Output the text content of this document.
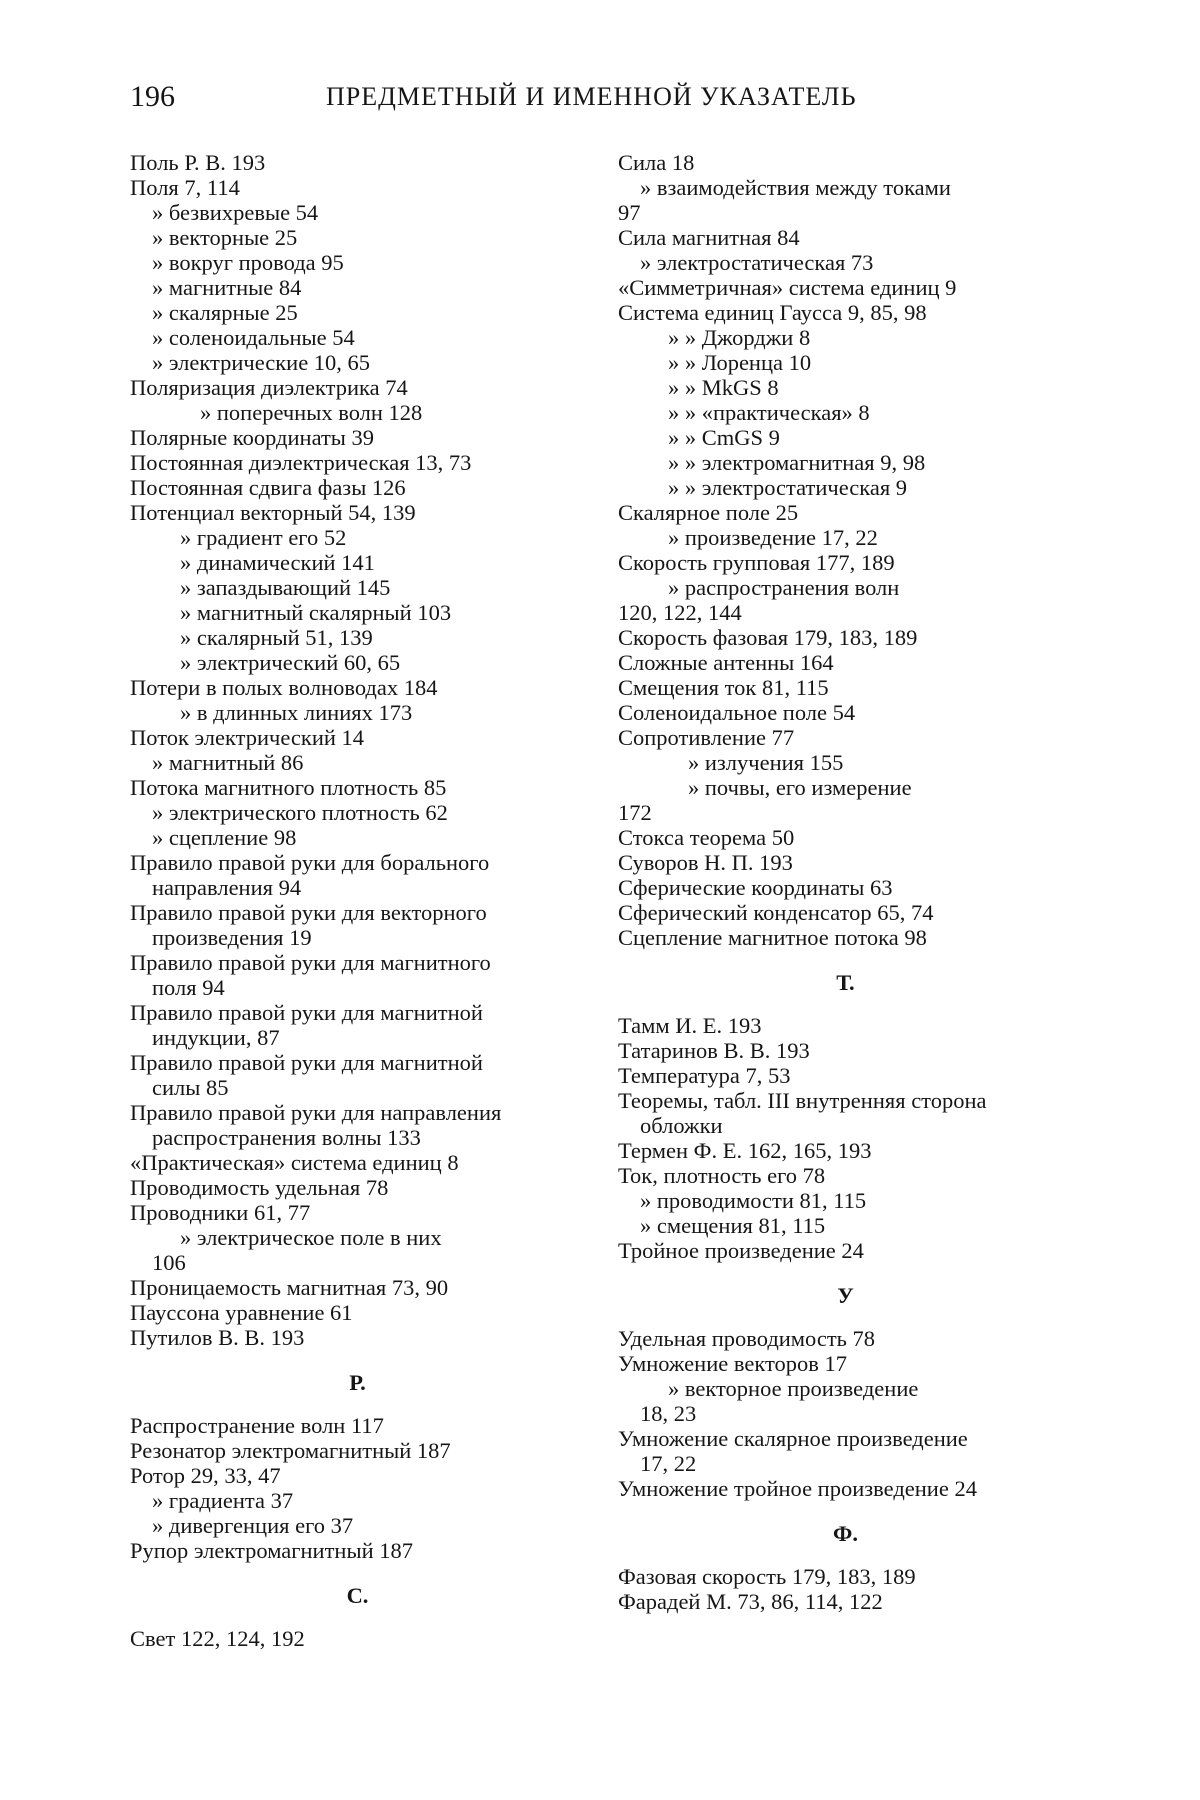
196	ПРЕДМЕТНЫЙ И ИМЕННОЙ УКАЗАТЕЛЬ
Поль Р. В. 193
Поля 7, 114
» безвихревые 54
» векторные 25
» вокруг провода 95
» магнитные 84
» скалярные 25
» соленоидальные 54
» электрические 10, 65
Поляризация диэлектрика 74
» поперечных волн 128
Полярные координаты 39
Постоянная диэлектрическая 13, 73
Постоянная сдвига фазы 126
Потенциал векторный 54, 139
» градиент его 52
» динамический 141
» запаздывающий 145
» магнитный скалярный 103
» скалярный 51, 139
» электрический 60, 65
Потери в полых волноводах 184
» в длинных линиях 173
Поток электрический 14
» магнитный 86
Потока магнитного плотность 85
» электрического плотность 62
» сцепление 98
Правило правой руки для борального
направления 94
Правило правой руки для векторного
произведения 19
Правило правой руки для магнитного
поля 94
Правило правой руки для магнитной
индукции, 87
Правило правой руки для магнитной
силы 85
Правило правой руки для направления
распространения волны 133
«Практическая» система единиц 8
Проводимость удельная 78
Проводники 61, 77
» электрическое поле в них
106
Проницаемость магнитная 73, 90
Пауссона уравнение 61
Путилов В. В. 193
Р.
Распространение волн 117
Резонатор электромагнитный 187
Ротор 29, 33, 47
» градиента 37
» дивергенция его 37
Рупор электромагнитный 187
С.
Свет 122, 124, 192
Сила 18
» взаимодействия между токами
97
Сила магнитная 84
» электростатическая 73
«Симметричная» система единиц 9
Система единиц Гаусса 9, 85, 98
» » Джорджи 8
» » Лоренца 10
» » MkGS 8
» » «практическая» 8
» » CmGS 9
» » электромагнитная 9, 98
» » электростатическая 9
Скалярное поле 25
» произведение 17, 22
Скорость групповая 177, 189
» распространения волн
120, 122, 144
Скорость фазовая 179, 183, 189
Сложные антенны 164
Смещения ток 81, 115
Соленоидальное поле 54
Сопротивление 77
» излучения 155
» почвы, его измерение
172
Стокса теорема 50
Суворов Н. П. 193
Сферические координаты 63
Сферический конденсатор 65, 74
Сцепление магнитное потока 98
Т.
Тамм И. Е. 193
Татаринов В. В. 193
Температура 7, 53
Теоремы, табл. III внутренняя сторона
обложки
Термен Ф. Е. 162, 165, 193
Ток, плотность его 78
» проводимости 81, 115
» смещения 81, 115
Тройное произведение 24
У
Удельная проводимость 78
Умножение векторов 17
» векторное произведение
18, 23
Умножение скалярное произведение
17, 22
Умножение тройное произведение 24
Ф.
Фазовая скорость 179, 183, 189
Фарадей М. 73, 86, 114, 122
